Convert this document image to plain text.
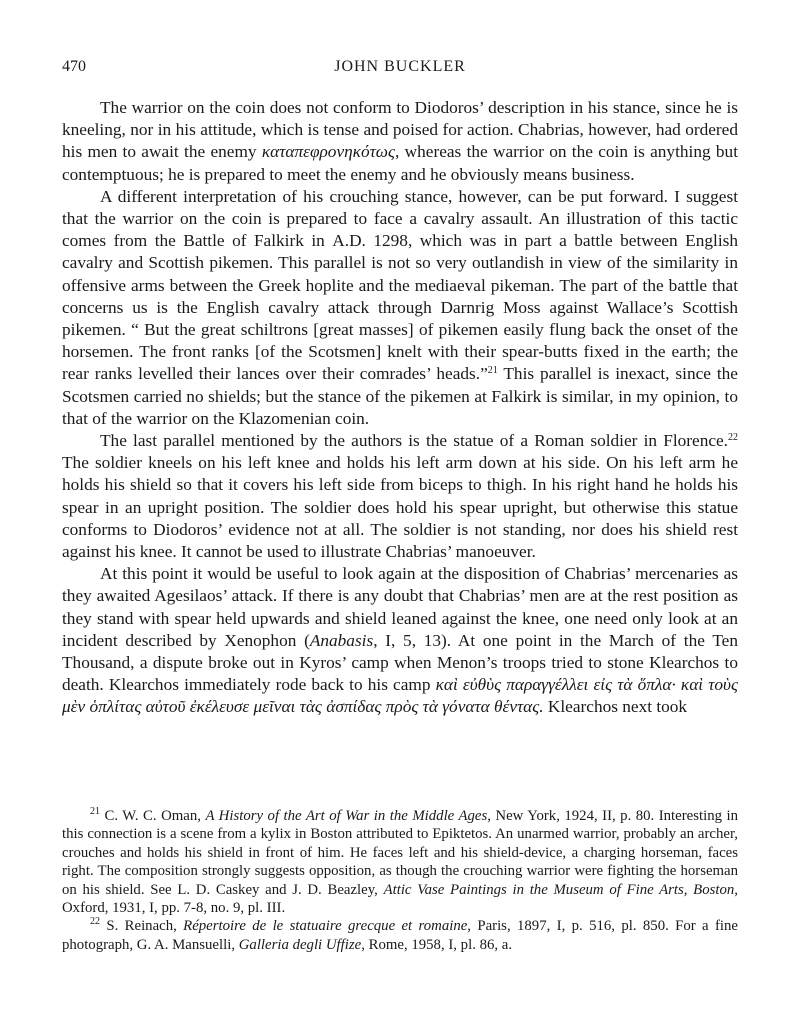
470	JOHN BUCKLER

The warrior on the coin does not conform to Diodoros’ description in his stance, since he is kneeling, nor in his attitude, which is tense and poised for action. Chabrias, however, had ordered his men to await the enemy καταπεφρονηκότως, whereas the warrior on the coin is anything but contemptuous; he is prepared to meet the enemy and he obviously means business.

A different interpretation of his crouching stance, however, can be put forward. I suggest that the warrior on the coin is prepared to face a cavalry assault. An illustration of this tactic comes from the Battle of Falkirk in A.D. 1298, which was in part a battle between English cavalry and Scottish pikemen. This parallel is not so very outlandish in view of the similarity in offensive arms between the Greek hoplite and the mediaeval pikeman. The part of the battle that concerns us is the English cavalry attack through Darnrig Moss against Wallace’s Scottish pikemen. “ But the great schiltrons [great masses] of pikemen easily flung back the onset of the horsemen. The front ranks [of the Scotsmen] knelt with their spear-butts fixed in the earth; the rear ranks levelled their lances over their comrades’ heads.”$^{21}$ This parallel is inexact, since the Scotsmen carried no shields; but the stance of the pikemen at Falkirk is similar, in my opinion, to that of the warrior on the Klazomenian coin.

The last parallel mentioned by the authors is the statue of a Roman soldier in Florence.$^{22}$ The soldier kneels on his left knee and holds his left arm down at his side. On his left arm he holds his shield so that it covers his left side from biceps to thigh. In his right hand he holds his spear in an upright position. The soldier does hold his spear upright, but otherwise this statue conforms to Diodoros’ evidence not at all. The soldier is not standing, nor does his shield rest against his knee. It cannot be used to illustrate Chabrias’ manoeuver.

At this point it would be useful to look again at the disposition of Chabrias’ mercenaries as they awaited Agesilaos’ attack. If there is any doubt that Chabrias’ men are at the rest position as they stand with spear held upwards and shield leaned against the knee, one need only look at an incident described by Xenophon (Anabasis, I, 5, 13). At one point in the March of the Ten Thousand, a dispute broke out in Kyros’ camp when Menon’s troops tried to stone Klearchos to death. Klearchos immediately rode back to his camp καὶ εὐθὺς παραγγέλλει εἰς τὰ ὅπλα· καὶ τοὺς μὲν ὁπλίτας αὐτοῦ ἐκέλευσε μεῖναι τὰς ἀσπίδας πρὸς τὰ γόνατα θέντας. Klearchos next took

$^{21}$ C. W. C. Oman, A History of the Art of War in the Middle Ages, New York, 1924, II, p. 80. Interesting in this connection is a scene from a kylix in Boston attributed to Epiktetos. An unarmed warrior, probably an archer, crouches and holds his shield in front of him. He faces left and his shield-device, a charging horseman, faces right. The composition strongly suggests opposition, as though the crouching warrior were fighting the horseman on his shield. See L. D. Caskey and J. D. Beazley, Attic Vase Paintings in the Museum of Fine Arts, Boston, Oxford, 1931, I, pp. 7-8, no. 9, pl. III.

$^{22}$ S. Reinach, Répertoire de le statuaire grecque et romaine, Paris, 1897, I, p. 516, pl. 850. For a fine photograph, G. A. Mansuelli, Galleria degli Uffize, Rome, 1958, I, pl. 86, a.
